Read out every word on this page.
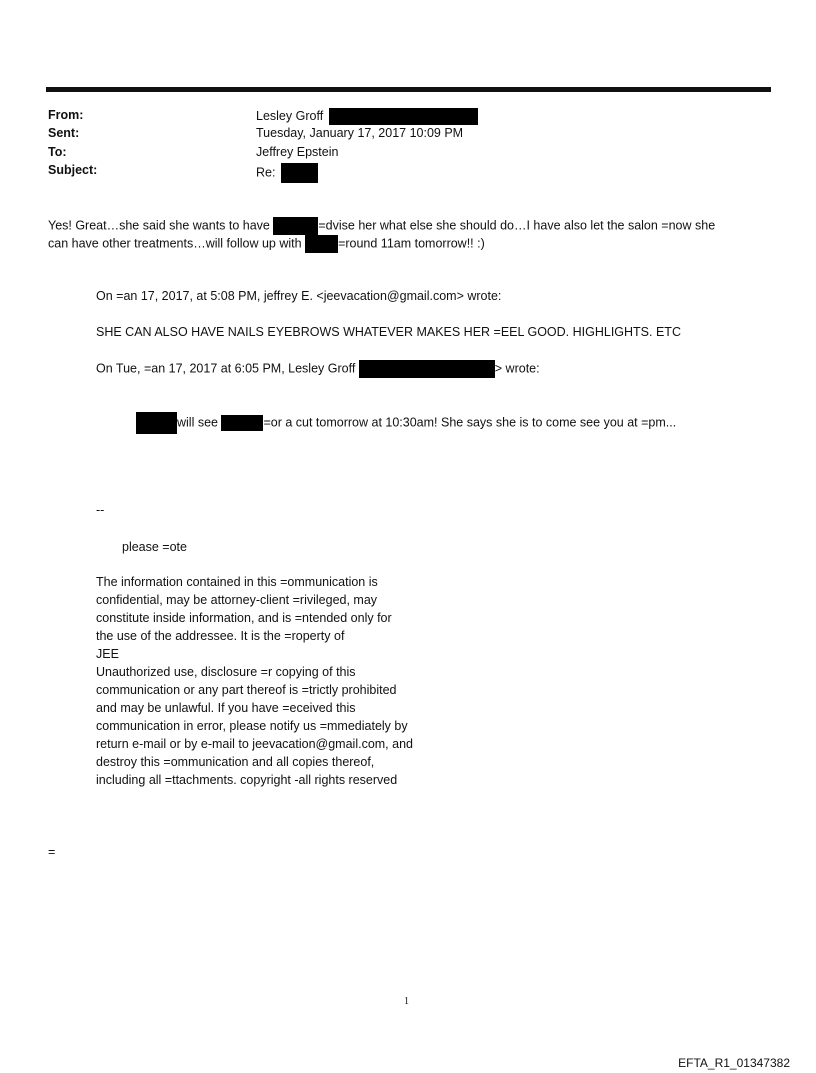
From:	Lesley Groff
Sent:	Tuesday, January 17, 2017 10:09 PM
To:	Jeffrey Epstein
Subject:	Re:
Yes! Great…she said she wants to have	=dvise her what else she should do…I have also let the salon =now she
can have other treatments…will follow up with	=round 11am tomorrow!! :)
On =an 17, 2017, at 5:08 PM, jeffrey E. <jeevacation@gmail.com> wrote:
SHE CAN ALSO HAVE NAILS EYEBROWS WHATEVER MAKES HER =EEL GOOD. HIGHLIGHTS. ETC
On Tue, =an 17, 2017 at 6:05 PM, Lesley Groff	> wrote:
will see	=or a cut tomorrow at 10:30am! She says she is to come see you at =pm...
--
please =ote
The information contained in this =ommunication is
confidential, may be attorney-client =rivileged, may
constitute inside information, and is =ntended only for
the use of the addressee. It is the =roperty of
JEE
Unauthorized use, disclosure =r copying of this
communication or any part thereof is =trictly prohibited
and may be unlawful. If you have =eceived this
communication in error, please notify us =mmediately by
return e-mail or by e-mail to jeevacation@gmail.com, and
destroy this =ommunication and all copies thereof,
including all =ttachments. copyright -all rights reserved
=
1
EFTA_R1_01347382
